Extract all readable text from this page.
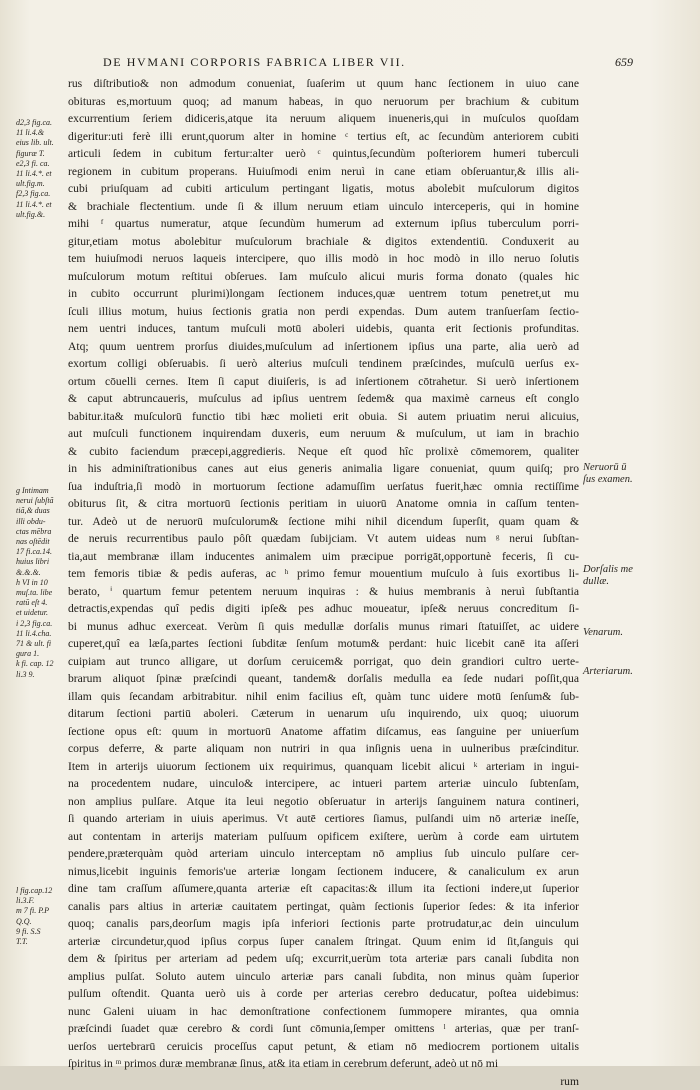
DE HVMANI CORPORIS FABRICA LIBER VII.	659
rus diſtributio& non admodum conueniat, ſuaſerim ut quum hanc ſectionem in uiuo cane
obituras es,mortuum quoq; ad manum habeas, in quo neruorum per brachium & cubitum
excurrentium ſeriem didiceris,atque ita neruum aliquem inueneris,qui in muſculos quoſdam
digeritur:uti ferè illi erunt,quorum alter in homine ᶜ tertius eſt, ac ſecundùm anteriorem cubiti
articuli ſedem in cubitum fertur:alter uerò ᶜ quintus,ſecundùm poſteriorem humeri tuberculi
regionem in cubitum properans. Huiuſmodi enim neruì in cane etiam obſeruantur,& illis ali-
cubi priuſquam ad cubiti articulum pertingant ligatis, motus abolebit muſculorum digitos
& brachiale flectentium. unde ſi & illum neruum etiam uinculo interceperis, qui in homine
mihi ᶠ quartus numeratur, atque ſecundùm humerum ad externum ipſius tuberculum porri-
gitur,etiam motus abolebitur muſculorum brachiale & digitos extendentiū. Conduxerit au
tem huiuſmodi neruos laqueis intercipere, quo illis modò in hoc modò in illo neruo ſolutis
muſculorum motum reſtitui obſerues. Iam muſculo alicui muris forma donato (quales hic
in cubito occurrunt plurimi)longam ſectionem induces,quæ uentrem totum penetret,ut mu
ſculi illius motum, huius ſectionis gratia non perdi expendas. Dum autem tranſuerſam ſectio-
nem uentri induces, tantum muſculi motū aboleri uidebis, quanta erit ſectionis profunditas.
Atq; quum uentrem prorſus diuides,muſculum ad inſertionem ipſius una parte, alia uerò ad
exortum colligi obſeruabis. ſi uerò alterius muſculi tendinem præſcindes, muſculū uerſus ex-
ortum cōuelli cernes. Item ſi caput diuiſeris, is ad inſertionem cōtrahetur. Si uerò inſertionem
& caput abtruncaueris, muſculus ad ipſius uentrem ſedem& qua maximè carneus eſt conglo
babitur.ita& muſculorū functio tibi hæc molieti erit obuia. Si autem priuatim nerui alicuius,
aut muſculi functionem inquirendam duxeris, eum neruum & muſculum, ut iam in brachio
& cubito faciendum præcepi,aggredieris. Neque eſt quod hîc prolixè cōmemorem, qualiter
in his adminiſtrationibus canes aut eius generis animalia ligare conueniat, quum quiſq; pro
ſua induſtria,ſi modò in mortuorum ſectione adamuſſim uerſatus fuerit,hæc omnia rectiſſime
obiturus ſit, & citra mortuorū ſectionis peritiam in uiuorū Anatome omnia in caſſum tenten-
tur. Adeò ut de neruorū muſculorum& ſectione mihi nihil dicendum ſuperſit, quam quam &
de neruis recurrentibus paulo pôſt quædam ſubijciam. Vt autem uideas num ᵍ nerui ſubſtan-
tia,aut membranæ illam inducentes animalem uim præcipue porrigāt,opportunè feceris, ſi cu-
tem femoris tibiæ & pedis auferas, ac ʰ primo femur mouentium muſculo à ſuis exortibus li-
berato, ⁱ quartum femur petentem neruum inquiras : & huius membranis à neruì ſubſtantia
detractis,expendas quî pedis digiti ipſe& pes adhuc moueatur, ipſe& neruus concreditum ſi-
bi munus adhuc exerceat. Verùm ſi quis medullæ dorſalis munus rimari ſtatuiſſet, ac uidere
cuperet,quî ea læſa,partes ſectioni ſubditæ ſenſum motum& perdant: huic licebit canē ita aſſeri
cuipiam aut trunco alligare, ut dorſum ceruicem& porrigat, quo dein grandiori cultro uerte-
brarum aliquot ſpinæ præſcindi queant, tandem& dorſalis medulla ea ſede nudari poſſit,qua
illam quis ſecandam arbitrabitur. nihil enim facilius eſt, quàm tunc uidere motū ſenſum& ſub-
ditarum ſectioni partiū aboleri. Cæterum in uenarum uſu inquirendo, uix quoq; uiuorum
ſectione opus eſt: quum in mortuorū Anatome affatim diſcamus, eas ſanguine per uniuerſum
corpus deferre, & parte aliquam non nutriri in qua inſignis uena in uulneribus præſcinditur.
Item in arterijs uiuorum ſectionem uix requirimus, quanquam licebit alicui ᵏ arteriam in ingui-
na procedentem nudare, uinculo& intercipere, ac intueri partem arteriæ uinculo ſubtenſam,
non amplius pulſare. Atque ita leui negotio obſeruatur in arterijs ſanguinem natura contineri,
ſi quando arteriam in uiuis aperimus. Vt autē certiores ſiamus, pulſandi uim nō arteriæ ineſſe,
aut contentam in arterijs materiam pulſuum opificem exiſtere, uerùm à corde eam uirtutem
pendere,præterquàm quòd arteriam uinculo interceptam nō amplius ſub uinculo pulſare cer-
nimus,licebit inguinis femoris'ue arteriæ longam ſectionem inducere, & canaliculum ex arun
dine tam craſſum aſſumere,quanta arteriæ eſt capacitas:& illum ita ſectioni indere,ut ſuperior
canalis pars altius in arteriæ cauitatem pertingat, quàm ſectionis ſuperior ſedes: & ita inferior
quoq; canalis pars,deorſum magis ipſa inferiori ſectionis parte protrudatur,ac dein uinculum
arteriæ circundetur,quod ipſius corpus ſuper canalem ſtringat. Quum enim id ſit,ſanguis qui
dem & ſpiritus per arteriam ad pedem uſq; excurrit,uerùm tota arteriæ pars canali ſubdita non
amplius pulſat. Soluto autem uinculo arteriæ pars canali ſubdita, non minus quàm ſuperior
pulſum oſtendit. Quanta uerò uis à corde per arterias cerebro deducatur, poſtea uidebimus:
nunc Galeni uiuam in hac demonſtratione confectionem ſummopere mirantes, qua omnia
præſcindi ſuadet quæ cerebro & cordi ſunt cōmunia,ſemper omittens ˡ arterias, quæ per tranſ-
uerſos uertebrarū ceruicis proceſſus caput petunt, & etiam nō mediocrem portionem uitalis
ſpiritus in ᵐ primos duræ membranæ ſinus, at& ita etiam in cerebrum deferunt, adeò ut nō mi
rum
d2,3 fig.ca.
11 li.4.&
eius lib. ult.
figuræ T.
e2,3 fi. ca.
11 li.4.*. et
ult.fig.m.
f2,3 fig.ca.
11 li.4.*. et
ult.fig.&.
g Intimam
nerui ſubſtã
tiã,& duas
illi obdu-
ctas mēbra
nas oſtēdit
17 fi.ca.14.
huius libri
&.&.&.
h VI in 10
muſ.ta. libe
ratū eſt 4.
et uidetur.
i 2,3 fig.ca.
11 li.4.cha.
71 & ult. fi
gura 1.
k fi. cap. 12
li.3 9.
l fig.cap.12
li.3.F.
m 7 fi. P.P
Q.Q.
9 fi. S.S
T.T.
Neruorū ū
ſus examen.
Dorſalis me
dullæ.
Venarum.
Arteriarum.
